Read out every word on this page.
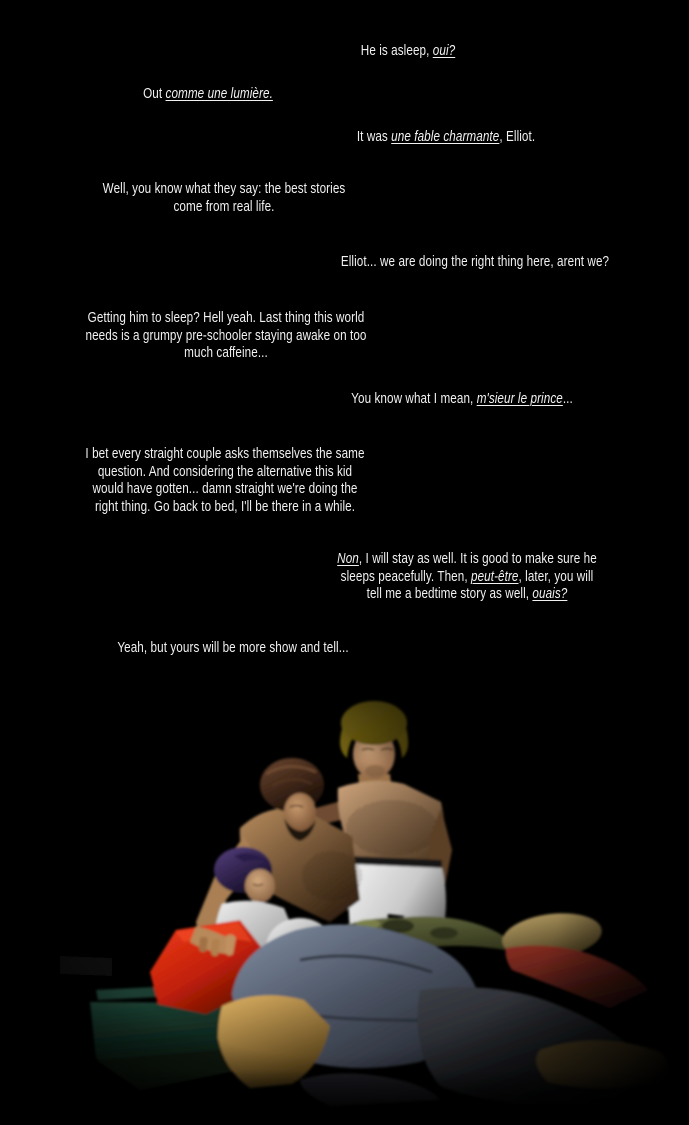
He is asleep, oui?
Out comme une lumière.
It was une fable charmante, Elliot.
Well, you know what they say: the best stories
come from real life.
Elliot... we are doing the right thing here, arent we?
Getting him to sleep? Hell yeah. Last thing this world
needs is a grumpy pre-schooler staying awake on too
much caffeine...
You know what I mean, m'sieur le prince...
I bet every straight couple asks themselves the same
question. And considering the alternative this kid
would have gotten... damn straight we're doing the
right thing. Go back to bed, I'll be there in a while.
Non, I will stay as well. It is good to make sure he
sleeps peacefully. Then, peut-être, later, you will
tell me a bedtime story as well, ouais?
Yeah, but yours will be more show and tell...
